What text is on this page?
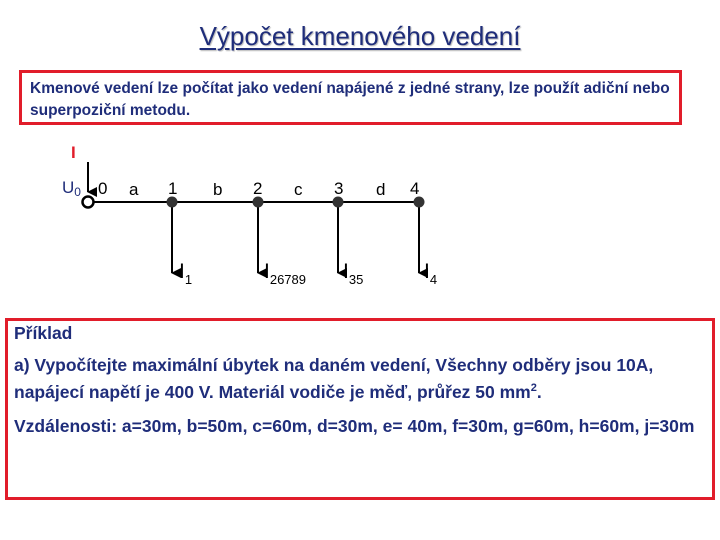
Výpočet kmenového vedení
Kmenové vedení lze počítat jako vedení napájené z jedné strany, lze použít adiční nebo superpoziční metodu.
I
$U_0$ 0	1	2	3	4
a	b	c	d
$I_1$	$I_{26789}$ $I_{35}$	$I_4$

Příklad

a) Vypočítejte maximální úbytek na daném vedení, Všechny odběry jsou 10A, napájecí napětí je 400 V. Materiál vodiče je měď, průřez 50 $mm^2$.

Vzdálenosti: a=30m, b=50m, c=60m, d=30m, e= 40m, f=30m, g=60m, h=60m, j=30m
